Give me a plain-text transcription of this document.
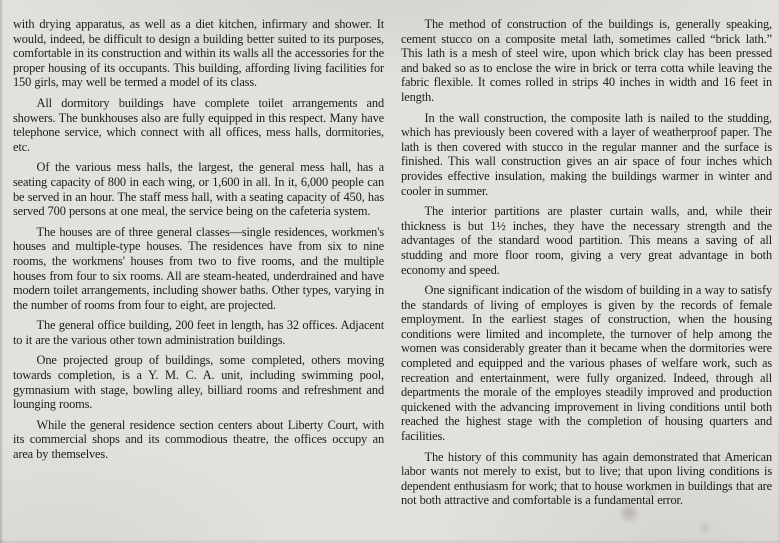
with drying apparatus, as well as a diet kitchen, infirmary and shower. It would, indeed, be difficult to design a building better suited to its purposes, comfortable in its construction and within its walls all the accessories for the proper housing of its occupants. This building, affording living facilities for 150 girls, may well be termed a model of its class.

All dormitory buildings have complete toilet arrangements and showers. The bunkhouses also are fully equipped in this respect. Many have telephone service, which connect with all offices, mess halls, dormitories, etc.

Of the various mess halls, the largest, the general mess hall, has a seating capacity of 800 in each wing, or 1,600 in all. In it, 6,000 people can be served in an hour. The staff mess hall, with a seating capacity of 450, has served 700 persons at one meal, the service being on the cafeteria system.

The houses are of three general classes—single residences, workmen's houses and multiple-type houses. The residences have from six to nine rooms, the workmens' houses from two to five rooms, and the multiple houses from four to six rooms. All are steam-heated, underdrained and have modern toilet arrangements, including shower baths. Other types, varying in the number of rooms from four to eight, are projected.

The general office building, 200 feet in length, has 32 offices. Adjacent to it are the various other town administration buildings.

One projected group of buildings, some completed, others moving towards completion, is a Y. M. C. A. unit, including swimming pool, gymnasium with stage, bowling alley, billiard rooms and refreshment and lounging rooms.

While the general residence section centers about Liberty Court, with its commercial shops and its commodious theatre, the offices occupy an area by themselves.

The method of construction of the buildings is, generally speaking, cement stucco on a composite metal lath, sometimes called “brick lath.” This lath is a mesh of steel wire, upon which brick clay has been pressed and baked so as to enclose the wire in brick or terra cotta while leaving the fabric flexible. It comes rolled in strips 40 inches in width and 16 feet in length.

In the wall construction, the composite lath is nailed to the studding, which has previously been covered with a layer of weatherproof paper. The lath is then covered with stucco in the regular manner and the surface is finished. This wall construction gives an air space of four inches which provides effective insulation, making the buildings warmer in winter and cooler in summer.

The interior partitions are plaster curtain walls, and, while their thickness is but 1½ inches, they have the necessary strength and the advantages of the standard wood partition. This means a saving of all studding and more floor room, giving a very great advantage in both economy and speed.

One significant indication of the wisdom of building in a way to satisfy the standards of living of employes is given by the records of female employment. In the earliest stages of construction, when the housing conditions were limited and incomplete, the turnover of help among the women was considerably greater than it became when the dormitories were completed and equipped and the various phases of welfare work, such as recreation and entertainment, were fully organized. Indeed, through all departments the morale of the employes steadily improved and production quickened with the advancing improvement in living conditions until both reached the highest stage with the completion of housing quarters and facilities.

The history of this community has again demonstrated that American labor wants not merely to exist, but to live; that upon living conditions is dependent enthusiasm for work; that to house workmen in buildings that are not both attractive and comfortable is a fundamental error.
